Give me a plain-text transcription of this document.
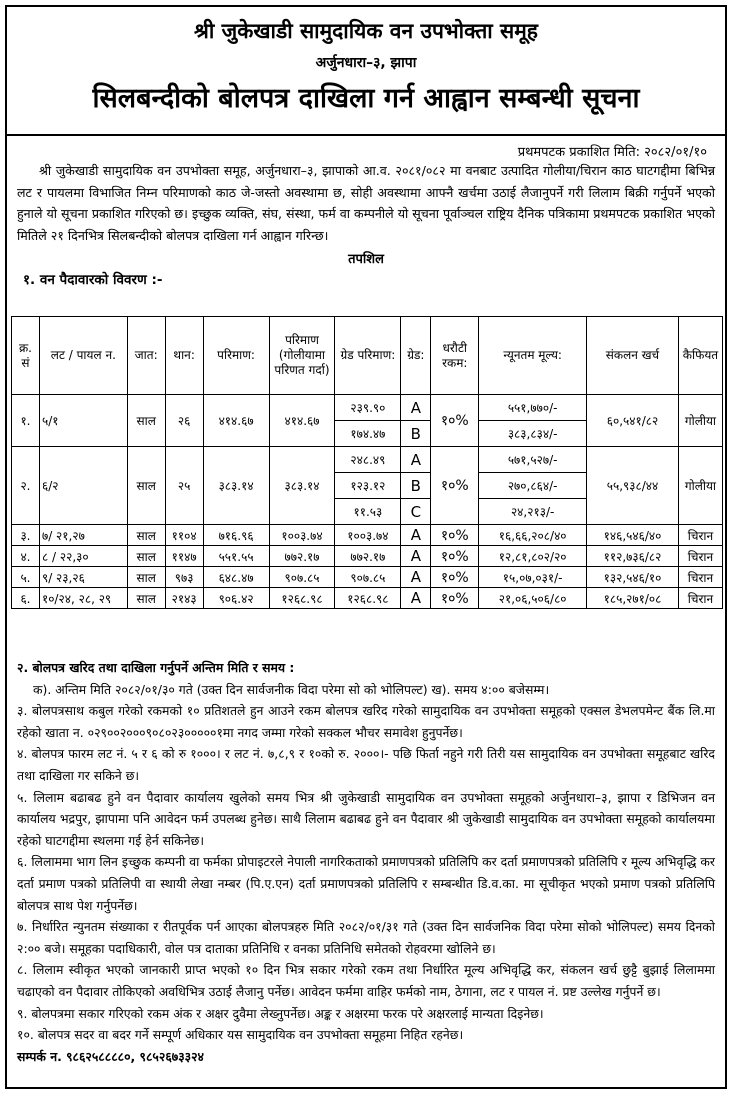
श्री जुकेखाडी सामुदायिक वन उपभोक्ता समूह
अर्जुनधारा–३, झापा
सिलबन्दीको बोलपत्र दाखिला गर्न आह्वान सम्बन्धी सूचना
प्रथमपटक प्रकाशित मिति: २०८२/०१/१०

श्री जुकेखाडी सामुदायिक वन उपभोक्ता समूह, अर्जुनधारा–३, झापाको आ.व. २०८१/०८२ मा वनबाट उत्पादित गोलीया/चिरान काठ घाटगद्दीमा बिभिन्न लट र पायलमा विभाजित निम्न परिमाणको काठ जे-जस्तो अवस्थामा छ, सोही अवस्थामा आफ्नै खर्चमा उठाई लैजानुपर्ने गरी लिलाम बिक्री गर्नुपर्ने भएको हुनाले यो सूचना प्रकाशित गरिएको छ। इच्छुक व्यक्ति, संघ, संस्था, फर्म वा कम्पनीले यो सूचना पूर्वाञ्चल राष्ट्रिय दैनिक पत्रिकामा प्रथमपटक प्रकाशित भएको मितिले २१ दिनभित्र सिलबन्दीको बोलपत्र दाखिला गर्न आह्वान गरिन्छ।

तपशिल
१. वन पैदावारको विवरण :-
क्र. सं	लट / पायल न.	जात:	थान:	परिमाण:	परिमाण (गोलीयामा परिणत गर्दा)	ग्रेड परिमाण:	ग्रेड:	धरौटी रकम:	न्यूनतम मूल्य:	संकलन खर्च	कैफियत
१.	५/१	साल	२६	४१४.६७	४१४.६७	२३९.९०	A	१०%	५५१,७७०/-	६०,५४१/८२	गोलीया
						१७४.४७	B		३८३,८३४/-		
२.	६/२	साल	२५	३८३.१४	३८३.१४	२४८.४९	A	१०%	५७१,५२७/-	५५,९३८/४४	गोलीया
						१२३.१२	B		२७०,८६४/-		
						११.५३	C		२४,२१३/-		
३.	७/ २१,२७	साल	११०४	७१६.९६	१००३.७४	१००३.७४	A	१०%	१६,६६,२०८/४०	१४६,५४६/४०	चिरान
४.	८ / २२,३०	साल	११४७	५५१.५५	७७२.१७	७७२.१७	A	१०%	१२,८१,८०२/२०	११२,७३६/८२	चिरान
५.	९/ २३,२६	साल	९७३	६४८.४७	९०७.८५	९०७.८५	A	१०%	१५,०७,०३१/-	१३२,५४६/१०	चिरान
६.	१०/२४, २८, २९	साल	२१४३	९०६.४२	१२६८.९८	१२६८.९८	A	१०%	२१,०६,५०६/८०	१८५,२७१/०८	चिरान

२. बोलपत्र खरिद तथा दाखिला गर्नुपर्ने अन्तिम मिति र समय :

क). अन्तिम मिति २०८२/०१/३० गते (उक्त दिन सार्वजनीक विदा परेमा सो को भोलिपल्ट) ख). समय ४:०० बजेसम्म।

३. बोलपत्रसाथ कबुल गरेको रकमको १० प्रतिशतले हुन आउने रकम बोलपत्र खरिद गरेको सामुदायिक वन उपभोक्ता समूहको एक्सल डेभलपमेन्ट बैंक लि.मा रहेको खाता न. ०२९००२०००९०८०२३०००००१मा नगद जम्मा गरेको सक्कल भौचर समावेश हुनुपर्नेछ।

४. बोलपत्र फारम लट नं. ५ र ६ को रु १०००। र लट नं. ७,८,९ र १०को रु. २०००।- पछि फिर्ता नहुने गरी तिरी यस सामुदायिक वन उपभोक्ता समूहबाट खरिद तथा दाखिला गर सकिने छ।

५. लिलाम बढाबढ हुने वन पैदावार कार्यालय खुलेको समय भित्र श्री जुकेखाडी सामुदायिक वन उपभोक्ता समूहको अर्जुनधारा–३, झापा र डिभिजन वन कार्यालय भद्रपुर, झापामा पनि आवेदन फर्म उपलब्ध हुनेछ। साथै लिलाम बढाबढ हुने वन पैदावार श्री जुकेखाडी सामुदायिक वन उपभोक्ता समूहको कार्यालयमा रहेको घाटगद्दीमा स्थलमा गई हेर्न सकिनेछ।

६. लिलाममा भाग लिन इच्छुक कम्पनी वा फर्मका प्रोपाइटरले नेपाली नागरिकताको प्रमाणपत्रको प्रतिलिपि कर दर्ता प्रमाणपत्रको प्रतिलिपि र मूल्य अभिवृद्धि कर दर्ता प्रमाण पत्रको प्रतिलिपी वा स्थायी लेखा नम्बर (पि.ए.एन) दर्ता प्रमाणपत्रको प्रतिलिपि र सम्बन्धीत डि.व.का. मा सूचीकृत भएको प्रमाण पत्रको प्रतिलिपि बोलपत्र साथ पेश गर्नुपर्नेछ।

७. निर्धारित न्युनतम संख्याका र रीतपूर्वक पर्न आएका बोलपत्रहरु मिति २०८२/०१/३१ गते (उक्त दिन सार्वजनिक विदा परेमा सोको भोलिपल्ट) समय दिनको २:०० बजे। समूहका पदाधिकारी, वोल पत्र दाताका प्रतिनिधि र वनका प्रतिनिधि समेतको रोहवरमा खोलिने छ।

८. लिलाम स्वीकृत भएको जानकारी प्राप्त भएको १० दिन भित्र सकार गरेको रकम तथा निर्धारित मूल्य अभिवृद्धि कर, संकलन खर्च छुट्टै बुझाई लिलाममा चढाएको वन पैदावार तोकिएको अवधिभित्र उठाई लैजानु पर्नेछ। आवेदन फर्ममा वाहिर फर्मको नाम, ठेगाना, लट र पायल नं. प्रष्ट उल्लेख गर्नुपर्ने छ।

९. बोलपत्रमा सकार गरिएको रकम अंक र अक्षर दुवैमा लेख्नुपर्नेछ। अङ्क र अक्षरमा फरक परे अक्षरलाई मान्यता दिइनेछ।

१०. बोलपत्र सदर वा बदर गर्ने सम्पूर्ण अधिकार यस सामुदायिक वन उपभोक्ता समूहमा निहित रहनेछ।

सम्पर्क न. ९८६२५८८८८०, ९८५२६७३३२४
